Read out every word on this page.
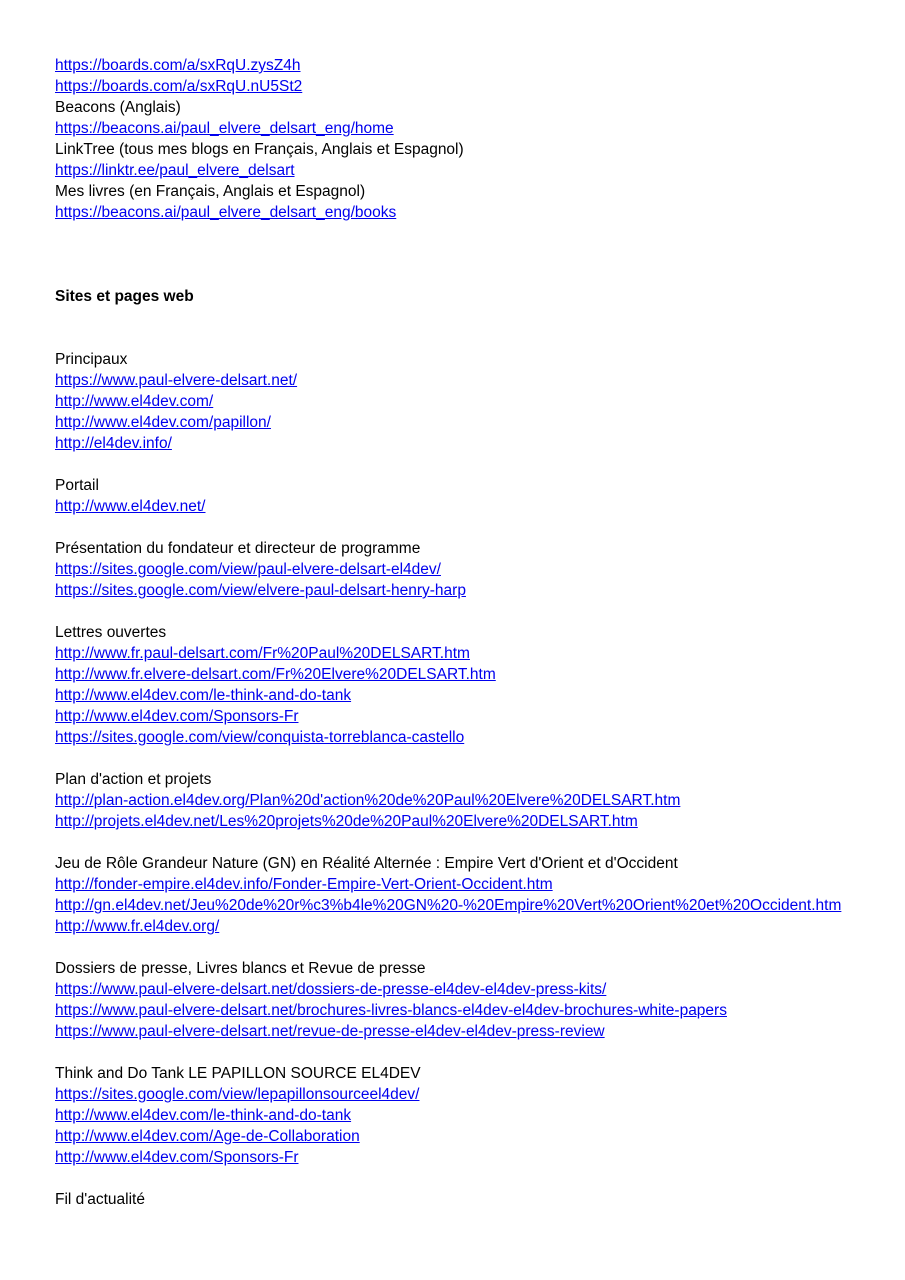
https://boards.com/a/sxRqU.zysZ4h
https://boards.com/a/sxRqU.nU5St2
Beacons (Anglais)
https://beacons.ai/paul_elvere_delsart_eng/home
LinkTree (tous mes blogs en Français, Anglais et Espagnol)
https://linktr.ee/paul_elvere_delsart
Mes livres (en Français, Anglais et Espagnol)
https://beacons.ai/paul_elvere_delsart_eng/books
Sites et pages web
Principaux
https://www.paul-elvere-delsart.net/
http://www.el4dev.com/
http://www.el4dev.com/papillon/
http://el4dev.info/
Portail
http://www.el4dev.net/
Présentation du fondateur et directeur de programme
https://sites.google.com/view/paul-elvere-delsart-el4dev/
https://sites.google.com/view/elvere-paul-delsart-henry-harp
Lettres ouvertes
http://www.fr.paul-delsart.com/Fr%20Paul%20DELSART.htm
http://www.fr.elvere-delsart.com/Fr%20Elvere%20DELSART.htm
http://www.el4dev.com/le-think-and-do-tank
http://www.el4dev.com/Sponsors-Fr
https://sites.google.com/view/conquista-torreblanca-castello
Plan d'action et projets
http://plan-action.el4dev.org/Plan%20d'action%20de%20Paul%20Elvere%20DELSART.htm
http://projets.el4dev.net/Les%20projets%20de%20Paul%20Elvere%20DELSART.htm
Jeu de Rôle Grandeur Nature (GN) en Réalité Alternée : Empire Vert d'Orient et d'Occident
http://fonder-empire.el4dev.info/Fonder-Empire-Vert-Orient-Occident.htm
http://gn.el4dev.net/Jeu%20de%20r%c3%b4le%20GN%20-%20Empire%20Vert%20Orient%20et%20Occident.htm
http://www.fr.el4dev.org/
Dossiers de presse, Livres blancs et Revue de presse
https://www.paul-elvere-delsart.net/dossiers-de-presse-el4dev-el4dev-press-kits/
https://www.paul-elvere-delsart.net/brochures-livres-blancs-el4dev-el4dev-brochures-white-papers
https://www.paul-elvere-delsart.net/revue-de-presse-el4dev-el4dev-press-review
Think and Do Tank LE PAPILLON SOURCE EL4DEV
https://sites.google.com/view/lepapillonsourceel4dev/
http://www.el4dev.com/le-think-and-do-tank
http://www.el4dev.com/Age-de-Collaboration
http://www.el4dev.com/Sponsors-Fr
Fil d'actualité
